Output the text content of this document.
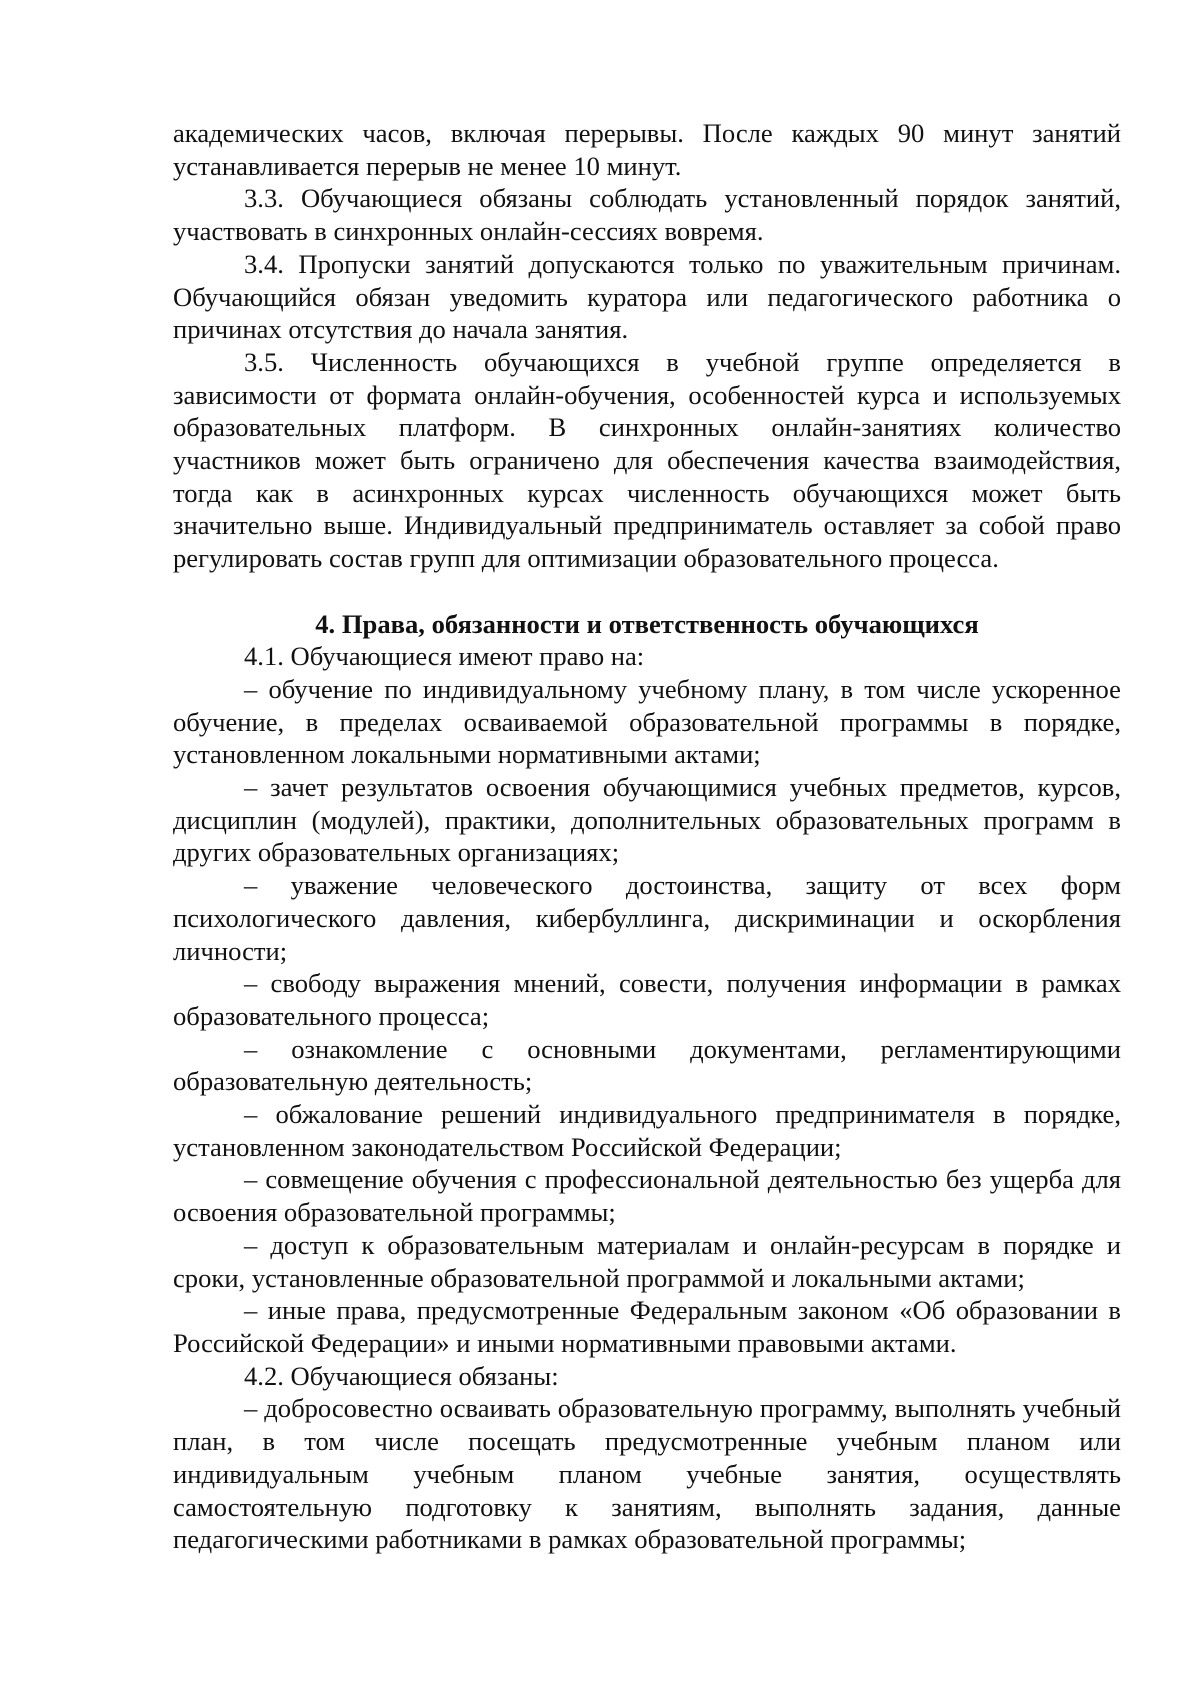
академических часов, включая перерывы. После каждых 90 минут занятий устанавливается перерыв не менее 10 минут.

3.3. Обучающиеся обязаны соблюдать установленный порядок занятий, участвовать в синхронных онлайн-сессиях вовремя.

3.4. Пропуски занятий допускаются только по уважительным причинам. Обучающийся обязан уведомить куратора или педагогического работника о причинах отсутствия до начала занятия.

3.5. Численность обучающихся в учебной группе определяется в зависимости от формата онлайн-обучения, особенностей курса и используемых образовательных платформ. В синхронных онлайн-занятиях количество участников может быть ограничено для обеспечения качества взаимодействия, тогда как в асинхронных курсах численность обучающихся может быть значительно выше. Индивидуальный предприниматель оставляет за собой право регулировать состав групп для оптимизации образовательного процесса.

4. Права, обязанности и ответственность обучающихся

4.1. Обучающиеся имеют право на:

– обучение по индивидуальному учебному плану, в том числе ускоренное обучение, в пределах осваиваемой образовательной программы в порядке, установленном локальными нормативными актами;

– зачет результатов освоения обучающимися учебных предметов, курсов, дисциплин (модулей), практики, дополнительных образовательных программ в других образовательных организациях;

– уважение человеческого достоинства, защиту от всех форм психологического давления, кибербуллинга, дискриминации и оскорбления личности;

– свободу выражения мнений, совести, получения информации в рамках образовательного процесса;

– ознакомление с основными документами, регламентирующими образовательную деятельность;

– обжалование решений индивидуального предпринимателя в порядке, установленном законодательством Российской Федерации;

– совмещение обучения с профессиональной деятельностью без ущерба для освоения образовательной программы;

– доступ к образовательным материалам и онлайн-ресурсам в порядке и сроки, установленные образовательной программой и локальными актами;

– иные права, предусмотренные Федеральным законом «Об образовании в Российской Федерации» и иными нормативными правовыми актами.

4.2. Обучающиеся обязаны:

– добросовестно осваивать образовательную программу, выполнять учебный план, в том числе посещать предусмотренные учебным планом или индивидуальным учебным планом учебные занятия, осуществлять самостоятельную подготовку к занятиям, выполнять задания, данные педагогическими работниками в рамках образовательной программы;
